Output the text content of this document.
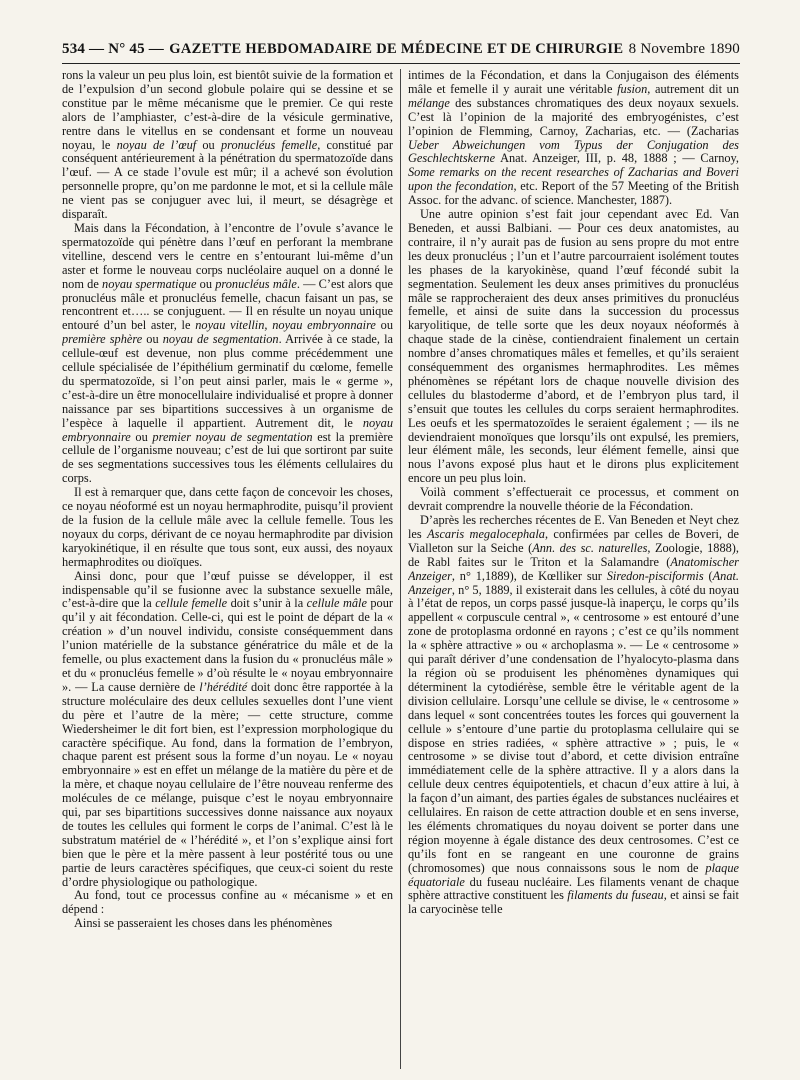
534 — N° 45 — GAZETTE HEBDOMADAIRE DE MÉDECINE ET DE CHIRURGIE 8 Novembre 1890

rons la valeur un peu plus loin, est bientôt suivie de la formation et de l’expulsion d’un second globule polaire qui se dessine et se constitue par le même mécanisme que le premier. Ce qui reste alors de l’amphiaster, c’est-à-dire de la vésicule germinative, rentre dans le vitellus en se condensant et forme un nouveau noyau, le noyau de l’œuf ou pronucléus femelle, constitué par conséquent antérieurement à la pénétration du spermatozoïde dans l’œuf. — A ce stade l’ovule est mûr; il a achevé son évolution personnelle propre, qu’on me pardonne le mot, et si la cellule mâle ne vient pas se conjuguer avec lui, il meurt, se désagrège et disparaît.

Mais dans la Fécondation, à l’encontre de l’ovule s’avance le spermatozoïde qui pénètre dans l’œuf en perforant la membrane vitelline, descend vers le centre en s’entourant lui-même d’un aster et forme le nouveau corps nucléolaire auquel on a donné le nom de noyau spermatique ou pronucléus mâle. — C’est alors que pronucléus mâle et pronucléus femelle, chacun faisant un pas, se rencontrent et….. se conjuguent. — Il en résulte un noyau unique entouré d’un bel aster, le noyau vitellin, noyau embryonnaire ou première sphère ou noyau de segmentation. Arrivée à ce stade, la cellule-œuf est devenue, non plus comme précédemment une cellule spécialisée de l’épithélium germinatif du cœlome, femelle du spermatozoïde, si l’on peut ainsi parler, mais le « germe », c’est-à-dire un être monocellulaire individualisé et propre à donner naissance par ses bipartitions successives à un organisme de l’espèce à laquelle il appartient. Autrement dit, le noyau embryonnaire ou premier noyau de segmentation est la première cellule de l’organisme nouveau; c’est de lui que sortiront par suite de ses segmentations successives tous les éléments cellulaires du corps.

Il est à remarquer que, dans cette façon de concevoir les choses, ce noyau néoformé est un noyau hermaphrodite, puisqu’il provient de la fusion de la cellule mâle avec la cellule femelle. Tous les noyaux du corps, dérivant de ce noyau hermaphrodite par division karyokinétique, il en résulte que tous sont, eux aussi, des noyaux hermaphrodites ou dioïques.

Ainsi donc, pour que l’œuf puisse se développer, il est indispensable qu’il se fusionne avec la substance sexuelle mâle, c’est-à-dire que la cellule femelle doit s’unir à la cellule mâle pour qu’il y ait fécondation. Celle-ci, qui est le point de départ de la « création » d’un nouvel individu, consiste conséquemment dans l’union matérielle de la substance génératrice du mâle et de la femelle, ou plus exactement dans la fusion du « pronucléus mâle » et du « pronucléus femelle » d’où résulte le « noyau embryonnaire ». — La cause dernière de l’hérédité doit donc être rapportée à la structure moléculaire des deux cellules sexuelles dont l’une vient du père et l’autre de la mère; — cette structure, comme Wiedersheimer le dit fort bien, est l’expression morphologique du caractère spécifique. Au fond, dans la formation de l’embryon, chaque parent est présent sous la forme d’un noyau. Le « noyau embryonnaire » est en effet un mélange de la matière du père et de la mère, et chaque noyau cellulaire de l’être nouveau renferme des molécules de ce mélange, puisque c’est le noyau embryonnaire qui, par ses bipartitions successives donne naissance aux noyaux de toutes les cellules qui forment le corps de l’animal. C’est là le substratum matériel de « l’hérédité », et l’on s’explique ainsi fort bien que le père et la mère passent à leur postérité tous ou une partie de leurs caractères spécifiques, que ceux-ci soient du reste d’ordre physiologique ou pathologique.

Au fond, tout ce processus confine au « mécanisme » et en dépend :

Ainsi se passeraient les choses dans les phénomènes

intimes de la Fécondation, et dans la Conjugaison des éléments mâle et femelle il y aurait une véritable fusion, autrement dit un mélange des substances chromatiques des deux noyaux sexuels. C’est là l’opinion de la majorité des embryogénistes, c’est l’opinion de Flemming, Carnoy, Zacharias, etc. — (Zacharias Ueber Abweichungen vom Typus der Conjugation des Geschlechtskerne Anat. Anzeiger, III, p. 48, 1888 ; — Carnoy, Some remarks on the recent researches of Zacharias and Boveri upon the fecondation, etc. Report of the 57 Meeting of the British Assoc. for the advanc. of science. Manchester, 1887).

Une autre opinion s’est fait jour cependant avec Ed. Van Beneden, et aussi Balbiani. — Pour ces deux anatomistes, au contraire, il n’y aurait pas de fusion au sens propre du mot entre les deux pronucléus ; l’un et l’autre parcourraient isolément toutes les phases de la karyokinèse, quand l’œuf fécondé subit la segmentation. Seulement les deux anses primitives du pronucléus mâle se rapprocheraient des deux anses primitives du pronucléus femelle, et ainsi de suite dans la succession du processus karyolitique, de telle sorte que les deux noyaux néoformés à chaque stade de la cinèse, contiendraient finalement un certain nombre d’anses chromatiques mâles et femelles, et qu’ils seraient conséquemment des organismes hermaphrodites. Les mêmes phénomènes se répétant lors de chaque nouvelle division des cellules du blastoderme d’abord, et de l’embryon plus tard, il s’ensuit que toutes les cellules du corps seraient hermaphrodites. Les oeufs et les spermatozoïdes le seraient également ; — ils ne deviendraient monoïques que lorsqu’ils ont expulsé, les premiers, leur élément mâle, les seconds, leur élément femelle, ainsi que nous l’avons exposé plus haut et le dirons plus explicitement encore un peu plus loin.

Voilà comment s’effectuerait ce processus, et comment on devrait comprendre la nouvelle théorie de la Fécondation.

D’après les recherches récentes de E. Van Beneden et Neyt chez les Ascaris megalocephala, confirmées par celles de Boveri, de Vialleton sur la Seiche (Ann. des sc. naturelles, Zoologie, 1888), de Rabl faites sur le Triton et la Salamandre (Anatomischer Anzeiger, n° 1,1889), de Kœlliker sur Siredon-pisciformis (Anat. Anzeiger, n° 5, 1889, il existerait dans les cellules, à côté du noyau à l’état de repos, un corps passé jusque-là inaperçu, le corps qu’ils appellent « corpuscule central », « centrosome » est entouré d’une zone de protoplasma ordonné en rayons ; c’est ce qu’ils nomment la « sphère attractive » ou « archoplasma ». — Le « centrosome » qui paraît dériver d’une condensation de l’hyalocyto-plasma dans la région où se produisent les phénomènes dynamiques qui déterminent la cytodiérèse, semble être le véritable agent de la division cellulaire. Lorsqu’une cellule se divise, le « centrosome » dans lequel « sont concentrées toutes les forces qui gouvernent la cellule » s’entoure d’une partie du protoplasma cellulaire qui se dispose en stries radiées, « sphère attractive » ; puis, le « centrosome » se divise tout d’abord, et cette division entraîne immédiatement celle de la sphère attractive. Il y a alors dans la cellule deux centres équipotentiels, et chacun d’eux attire à lui, à la façon d’un aimant, des parties égales de substances nucléaires et cellulaires. En raison de cette attraction double et en sens inverse, les éléments chromatiques du noyau doivent se porter dans une région moyenne à égale distance des deux centrosomes. C’est ce qu’ils font en se rangeant en une couronne de grains (chromosomes) que nous connaissons sous le nom de plaque équatoriale du fuseau nucléaire. Les filaments venant de chaque sphère attractive constituent les filaments du fuseau, et ainsi se fait la caryocinèse telle
